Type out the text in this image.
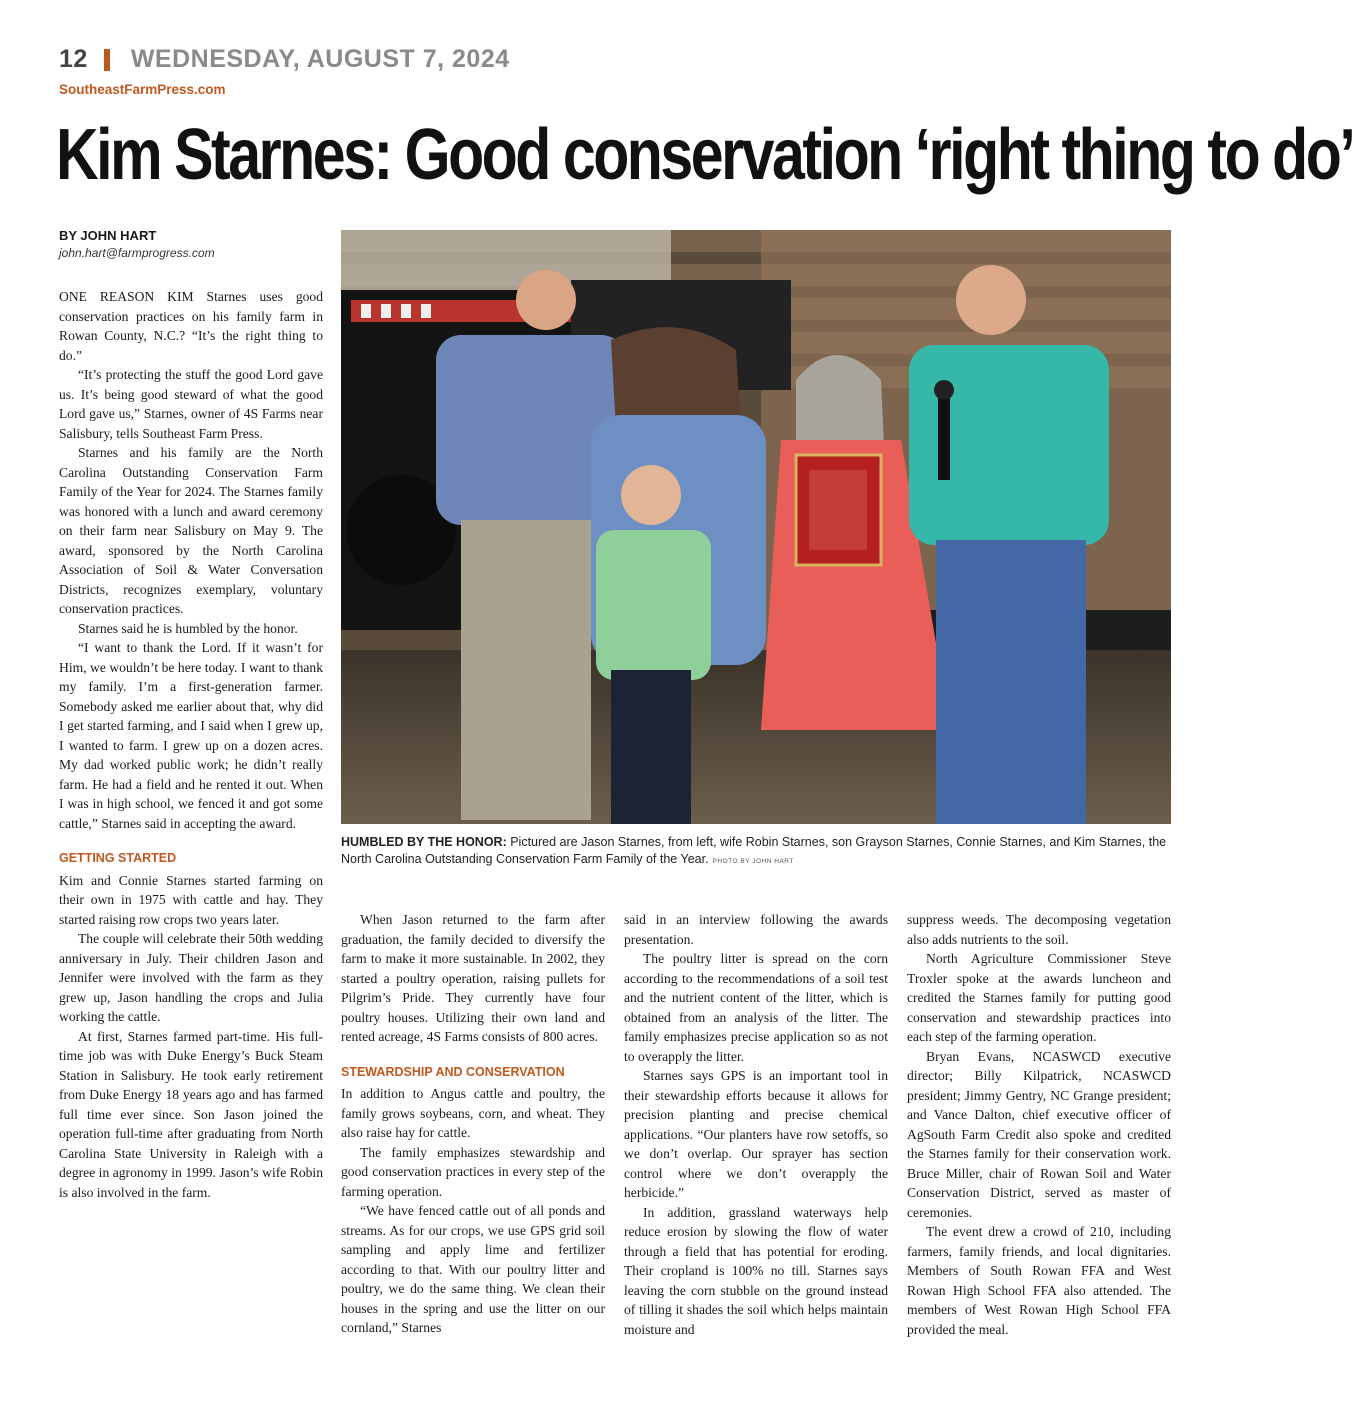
12 WEDNESDAY, AUGUST 7, 2024
SoutheastFarmPress.com
Kim Starnes: Good conservation ‘right thing to do’
BY JOHN HART
john.hart@farmprogress.com

ONE REASON KIM Starnes uses good conservation practices on his family farm in Rowan County, N.C.? “It’s the right thing to do.”

“It’s protecting the stuff the good Lord gave us. It’s being good steward of what the good Lord gave us,” Starnes, owner of 4S Farms near Salisbury, tells Southeast Farm Press.

Starnes and his family are the North Carolina Outstanding Conservation Farm Family of the Year for 2024. The Starnes family was honored with a lunch and award ceremony on their farm near Salisbury on May 9. The award, sponsored by the North Carolina Association of Soil & Water Conversation Districts, recognizes exemplary, voluntary conservation practices.

Starnes said he is humbled by the honor.

“I want to thank the Lord. If it wasn’t for Him, we wouldn’t be here today. I want to thank my family. I’m a first-generation farmer. Somebody asked me earlier about that, why did I get started farming, and I said when I grew up, I wanted to farm. I grew up on a dozen acres. My dad worked public work; he didn’t really farm. He had a field and he rented it out. When I was in high school, we fenced it and got some cattle,” Starnes said in accepting the award.

GETTING STARTED

Kim and Connie Starnes started farming on their own in 1975 with cattle and hay. They started raising row crops two years later.

The couple will celebrate their 50th wedding anniversary in July. Their children Jason and Jennifer were involved with the farm as they grew up, Jason handling the crops and Julia working the cattle.

At first, Starnes farmed part-time. His full-time job was with Duke Energy’s Buck Steam Station in Salisbury. He took early retirement from Duke Energy 18 years ago and has farmed full time ever since. Son Jason joined the operation full-time after graduating from North Carolina State University in Raleigh with a degree in agronomy in 1999. Jason’s wife Robin is also involved in the farm.

HUMBLED BY THE HONOR: Pictured are Jason Starnes, from left, wife Robin Starnes, son Grayson Starnes, Connie Starnes, and Kim Starnes, the North Carolina Outstanding Conservation Farm Family of the Year. PHOTO BY JOHN HART

When Jason returned to the farm after graduation, the family decided to diversify the farm to make it more sustainable. In 2002, they started a poultry operation, raising pullets for Pilgrim’s Pride. They currently have four poultry houses. Utilizing their own land and rented acreage, 4S Farms consists of 800 acres.

STEWARDSHIP AND CONSERVATION

In addition to Angus cattle and poultry, the family grows soybeans, corn, and wheat. They also raise hay for cattle.

The family emphasizes stewardship and good conservation practices in every step of the farming operation.

“We have fenced cattle out of all ponds and streams. As for our crops, we use GPS grid soil sampling and apply lime and fertilizer according to that. With our poultry litter and poultry, we do the same thing. We clean their houses in the spring and use the litter on our cornland,” Starnes

said in an interview following the awards presentation.

The poultry litter is spread on the corn according to the recommendations of a soil test and the nutrient content of the litter, which is obtained from an analysis of the litter. The family emphasizes precise application so as not to overapply the litter.

Starnes says GPS is an important tool in their stewardship efforts because it allows for precision planting and precise chemical applications. “Our planters have row setoffs, so we don’t overlap. Our sprayer has section control where we don’t overapply the herbicide.”

In addition, grassland waterways help reduce erosion by slowing the flow of water through a field that has potential for eroding. Their cropland is 100% no till. Starnes says leaving the corn stubble on the ground instead of tilling it shades the soil which helps maintain moisture and

suppress weeds. The decomposing vegetation also adds nutrients to the soil.

North Agriculture Commissioner Steve Troxler spoke at the awards luncheon and credited the Starnes family for putting good conservation and stewardship practices into each step of the farming operation.

Bryan Evans, NCASWCD executive director; Billy Kilpatrick, NCASWCD president; Jimmy Gentry, NC Grange president; and Vance Dalton, chief executive officer of AgSouth Farm Credit also spoke and credited the Starnes family for their conservation work. Bruce Miller, chair of Rowan Soil and Water Conservation District, served as master of ceremonies.

The event drew a crowd of 210, including farmers, family friends, and local dignitaries. Members of South Rowan FFA and West Rowan High School FFA also attended. The members of West Rowan High School FFA provided the meal.
